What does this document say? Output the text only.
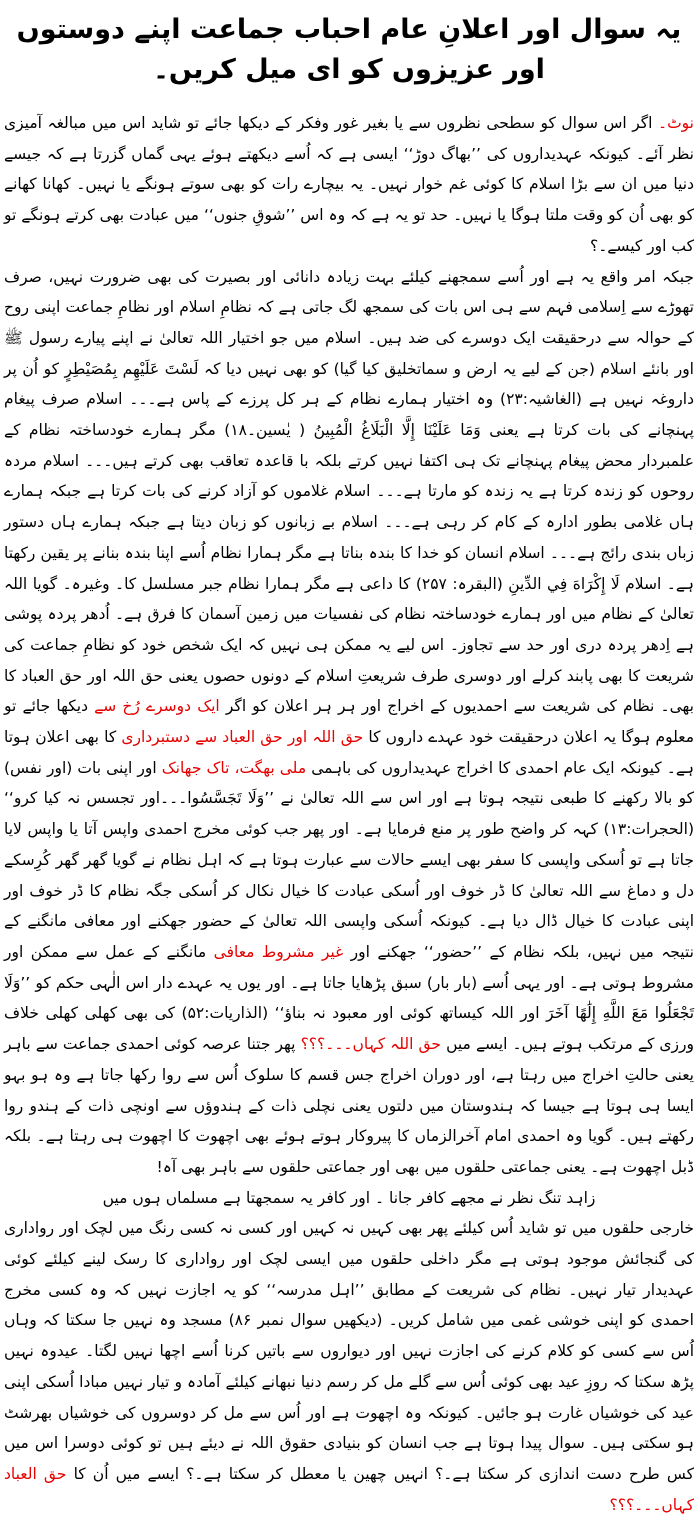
یہ سوال اور اعلانِ عام احباب جماعت اپنے دوستوں اور عزیزوں کو ای میل کریں۔

نوٹ۔ اگر اس سوال کو سطحی نظروں سے یا بغیر غور وفکر کے دیکھا جائے تو شاید اس میں مبالغہ آمیزی نظر آئے۔ کیونکہ عہدیداروں کی ’’بھاگ دوڑ‘‘ ایسی ہے کہ اُسے دیکھتے ہوئے یہی گماں گزرتا ہے کہ جیسے دنیا میں ان سے بڑا اسلام کا کوئی غم خوار نہیں۔ یہ بیچارے رات کو بھی سوتے ہونگے یا نہیں۔ کھانا کھانے کو بھی اُن کو وقت ملتا ہوگا یا نہیں۔ حد تو یہ ہے کہ وہ اس ’’شوقِ جنوں‘‘ میں عبادت بھی کرتے ہونگے تو کب اور کیسے۔؟

جبکہ امر واقع یہ ہے اور اُسے سمجھنے کیلئے بہت زیادہ دانائی اور بصیرت کی بھی ضرورت نہیں، صرف تھوڑے سے اِسلامی فہم سے ہی اس بات کی سمجھ لگ جاتی ہے کہ نظامِ اسلام اور نظامِ جماعت اپنی روح کے حوالہ سے درحقیقت ایک دوسرے کی ضد ہیں۔ اسلام میں جو اختیار اللہ تعالیٰ نے اپنے پیارے رسول ﷺ اور بانئے اسلام (جن کے لیے یہ ارض و سماتخلیق کیا گیا) کو بھی نہیں دیا کہ لَسْتَ عَلَيْهِم بِمُصَيْطِرٍ کو اُن پر داروغہ نہیں ہے (الغاشیہ:۲۳) وہ اختیار ہمارے نظام کے ہر کل پرزے کے پاس ہے۔۔۔ اسلام صرف پیغام پہنچانے کی بات کرتا ہے یعنی وَمَا عَلَيْنَا إِلَّا الْبَلَاغُ الْمُبِينُ ( یٰسین۔۱۸) مگر ہمارے خودساختہ نظام کے علمبردار محض پیغام پہنچانے تک ہی اکتفا نہیں کرتے بلکہ با قاعدہ تعاقب بھی کرتے ہیں۔۔۔ اسلام مردہ روحوں کو زندہ کرتا ہے یہ زندہ کو مارتا ہے۔۔۔ اسلام غلاموں کو آزاد کرنے کی بات کرتا ہے جبکہ ہمارے ہاں غلامی بطور ادارہ کے کام کر رہی ہے۔۔۔ اسلام بے زبانوں کو زبان دیتا ہے جبکہ ہمارے ہاں دستور زباں بندی رائج ہے۔۔۔ اسلام انسان کو خدا کا بندہ بناتا ہے مگر ہمارا نظام اُسے اپنا بندہ بنانے پر یقین رکھتا ہے۔ اسلام لَا إِكْرَاهَ فِي الدِّينِ (البقرہ: ۲۵۷) کا داعی ہے مگر ہمارا نظام جبر مسلسل کا۔ وغیرہ۔ گویا اللہ تعالیٰ کے نظام میں اور ہمارے خودساختہ نظام کی نفسیات میں زمین آسمان کا فرق ہے۔ اُدھر پردہ پوشی ہے اِدھر پردہ دری اور حد سے تجاوز۔ اس لیے یہ ممکن ہی نہیں کہ ایک شخص خود کو نظامِ جماعت کی شریعت کا بھی پابند کرلے اور دوسری طرف شریعتِ اسلام کے دونوں حصوں یعنی حق اللہ اور حق العباد کا بھی۔ نظام کی شریعت سے احمدیوں کے اخراج اور ہر ہر اعلان کو اگر ایک دوسرے رُخ سے دیکھا جائے تو معلوم ہوگا یہ اعلان درحقیقت خود عہدے داروں کا حق اللہ اور حق العباد سے دستبرداری کا بھی اعلان ہوتا ہے۔ کیونکہ ایک عام احمدی کا اخراج عہدیداروں کی باہمی ملی بھگت، تاک جھانک اور اپنی بات (اور نفس) کو بالا رکھنے کا طبعی نتیجہ ہوتا ہے اور اس سے اللہ تعالیٰ نے ’’وَلَا تَجَسَّسُوا۔۔۔اور تجسس نہ کیا کرو‘‘ (الحجرات:۱۳) کہہ کر واضح طور پر منع فرمایا ہے۔ اور پھر جب کوئی مخرج احمدی واپس آتا یا واپس لایا جاتا ہے تو اُسکی واپسی کا سفر بھی ایسے حالات سے عبارت ہوتا ہے کہ اہل نظام نے گویا گھر گھر کُرِسکے دل و دماغ سے اللہ تعالیٰ کا ڈر خوف اور اُسکی عبادت کا خیال نکال کر اُسکی جگہ نظام کا ڈر خوف اور اپنی عبادت کا خیال ڈال دیا ہے۔ کیونکہ اُسکی واپسی اللہ تعالیٰ کے حضور جھکنے اور معافی مانگنے کے نتیجہ میں نہیں، بلکہ نظام کے ’’حضور‘‘ جھکنے اور غیر مشروط معافی مانگنے کے عمل سے ممکن اور مشروط ہوتی ہے۔ اور یہی اُسے (بار بار) سبق پڑھایا جاتا ہے۔ اور یوں یہ عہدے دار اس الٰہی حکم کو ’’وَلَا تَجْعَلُوا مَعَ اللَّهِ إِلَٰهًا آخَرَ اور اللہ کیساتھ کوئی اور معبود نہ بناؤ‘‘ (الذاریات:۵۲) کی بھی کھلی کھلی خلاف ورزی کے مرتکب ہوتے ہیں۔ ایسے میں حق اللہ کہاں۔۔۔؟؟؟ پھر جتنا عرصہ کوئی احمدی جماعت سے باہر یعنی حالتِ اخراج میں رہتا ہے، اور دوران اخراج جس قسم کا سلوک اُس سے روا رکھا جاتا ہے وہ ہو بہو ایسا ہی ہوتا ہے جیسا کہ ہندوستان میں دلتوں یعنی نچلی ذات کے ہندوؤں سے اونچی ذات کے ہندو روا رکھتے ہیں۔ گویا وہ احمدی امام آخرالزماں کا پیروکار ہوتے ہوئے بھی اچھوت کا اچھوت ہی رہتا ہے۔ بلکہ ڈبل اچھوت ہے۔ یعنی جماعتی حلقوں میں بھی اور جماعتی حلقوں سے باہر بھی آہ!

زاہد تنگ نظر نے مجھے کافر جانا ۔ اور کافر یہ سمجھتا ہے مسلماں ہوں میں

خارجی حلقوں میں تو شاید اُس کیلئے پھر بھی کہیں نہ کہیں اور کسی نہ کسی رنگ میں لچک اور رواداری کی گنجائش موجود ہوتی ہے مگر داخلی حلقوں میں ایسی لچک اور رواداری کا رسک لینے کیلئے کوئی عہدیدار تیار نہیں۔ نظام کی شریعت کے مطابق ’’اہل مدرسہ‘‘ کو یہ اجازت نہیں کہ وہ کسی مخرج احمدی کو اپنی خوشی غمی میں شامل کریں۔ (دیکھیں سوال نمبر ۸۶) مسجد وہ نہیں جا سکتا کہ وہاں اُس سے کسی کو کلام کرنے کی اجازت نہیں اور دیواروں سے باتیں کرنا اُسے اچھا نہیں لگتا۔ عیدوہ نہیں پڑھ سکتا کہ روزِ عید بھی کوئی اُس سے گلے مل کر رسم دنیا نبھانے کیلئے آمادہ و تیار نہیں مبادا اُسکی اپنی عید کی خوشیاں غارت ہو جائیں۔ کیونکہ وہ اچھوت ہے اور اُس سے مل کر دوسروں کی خوشیاں بھرشٹ ہو سکتی ہیں۔ سوال پیدا ہوتا ہے جب انسان کو بنیادی حقوق اللہ نے دیئے ہیں تو کوئی دوسرا اس میں کس طرح دست اندازی کر سکتا ہے۔؟ انہیں چھین یا معطل کر سکتا ہے۔؟ ایسے میں اُن کا حق العباد کہاں۔۔۔؟؟؟
